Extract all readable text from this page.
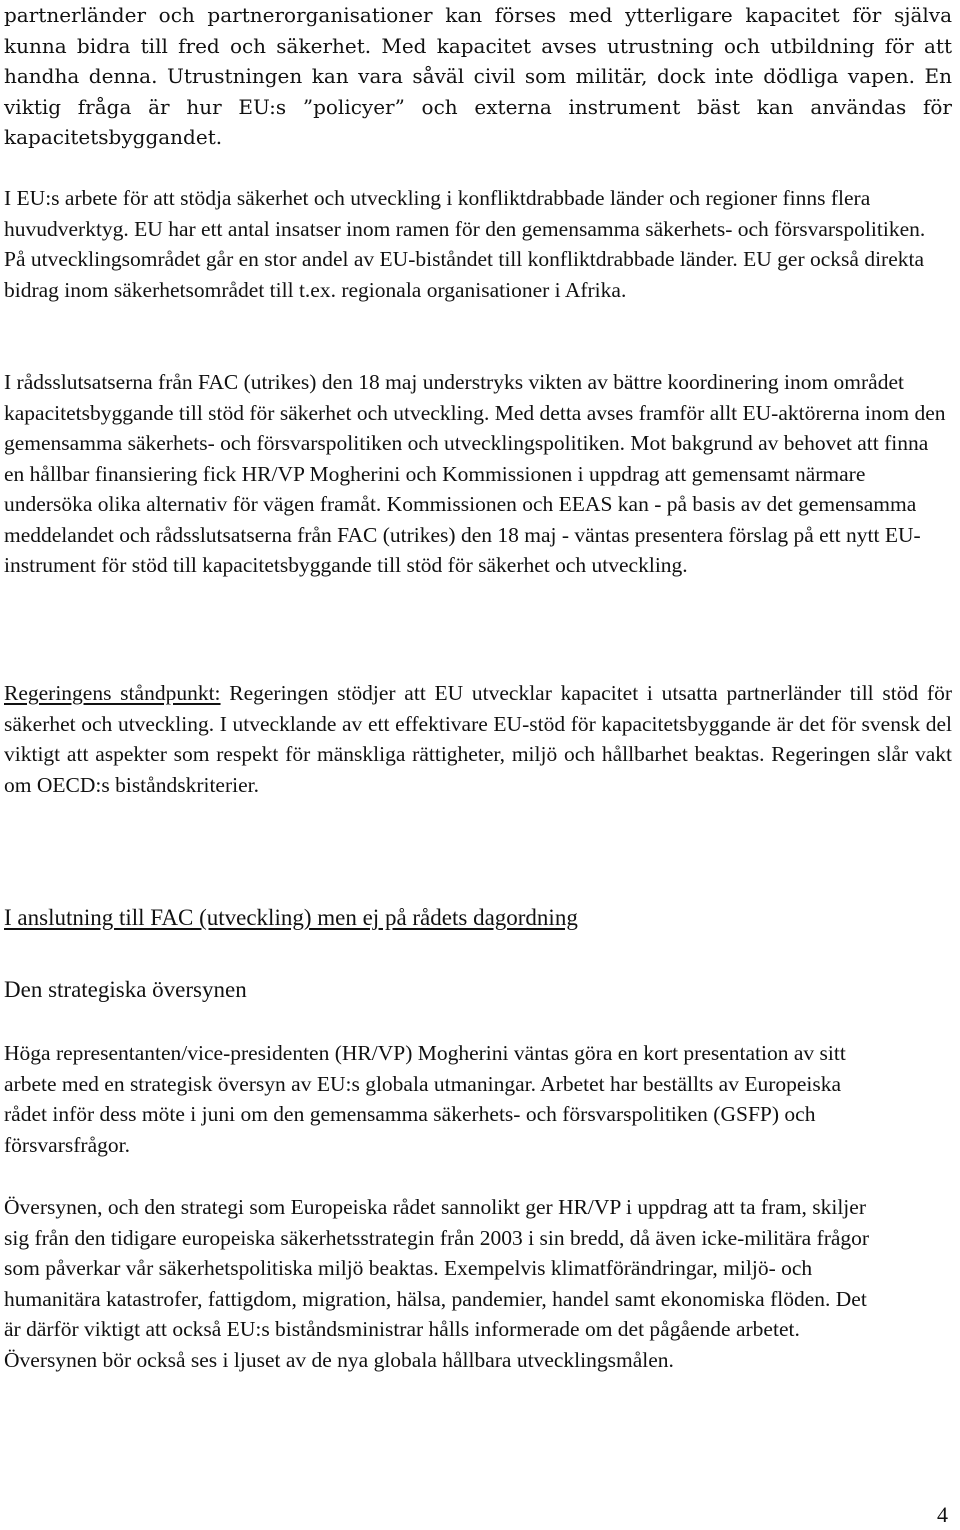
partnerländer och partnerorganisationer kan förses med ytterligare kapacitet för själva kunna bidra till fred och säkerhet. Med kapacitet avses utrustning och utbildning för att handha denna. Utrustningen kan vara såväl civil som militär, dock inte dödliga vapen. En viktig fråga är hur EU:s ”policyer” och externa instrument bäst kan användas för kapacitetsbyggandet.

I EU:s arbete för att stödja säkerhet och utveckling i konfliktdrabbade länder och regioner finns flera huvudverktyg. EU har ett antal insatser inom ramen för den gemensamma säkerhets- och försvarspolitiken. På utvecklingsområdet går en stor andel av EU-biståndet till konfliktdrabbade länder. EU ger också direkta bidrag inom säkerhetsområdet till t.ex. regionala organisationer i Afrika.

I rådsslutsatserna från FAC (utrikes) den 18 maj understryks vikten av bättre koordinering inom området kapacitetsbyggande till stöd för säkerhet och utveckling. Med detta avses framför allt EU-aktörerna inom den gemensamma säkerhets- och försvarspolitiken och utvecklingspolitiken. Mot bakgrund av behovet att finna en hållbar finansiering fick HR/VP Mogherini och Kommissionen i uppdrag att gemensamt närmare undersöka olika alternativ för vägen framåt. Kommissionen och EEAS kan - på basis av det gemensamma meddelandet och rådsslutsatserna från FAC (utrikes) den 18 maj - väntas presentera förslag på ett nytt EU-instrument för stöd till kapacitetsbyggande till stöd för säkerhet och utveckling.

Regeringens ståndpunkt: Regeringen stödjer att EU utvecklar kapacitet i utsatta partnerländer till stöd för säkerhet och utveckling. I utvecklande av ett effektivare EU-stöd för kapacitetsbyggande är det för svensk del viktigt att aspekter som respekt för mänskliga rättigheter, miljö och hållbarhet beaktas. Regeringen slår vakt om OECD:s biståndskriterier.

I anslutning till FAC (utveckling) men ej på rådets dagordning
Den strategiska översynen

Höga representanten/vice-presidenten (HR/VP) Mogherini väntas göra en kort presentation av sitt arbete med en strategisk översyn av EU:s globala utmaningar. Arbetet har beställts av Europeiska rådet inför dess möte i juni om den gemensamma säkerhets- och försvarspolitiken (GSFP) och försvarsfrågor.

Översynen, och den strategi som Europeiska rådet sannolikt ger HR/VP i uppdrag att ta fram, skiljer sig från den tidigare europeiska säkerhetsstrategin från 2003 i sin bredd, då även icke-militära frågor som påverkar vår säkerhetspolitiska miljö beaktas. Exempelvis klimatförändringar, miljö- och humanitära katastrofer, fattigdom, migration, hälsa, pandemier, handel samt ekonomiska flöden. Det är därför viktigt att också EU:s biståndsministrar hålls informerade om det pågående arbetet. Översynen bör också ses i ljuset av de nya globala hållbara utvecklingsmålen.

4
